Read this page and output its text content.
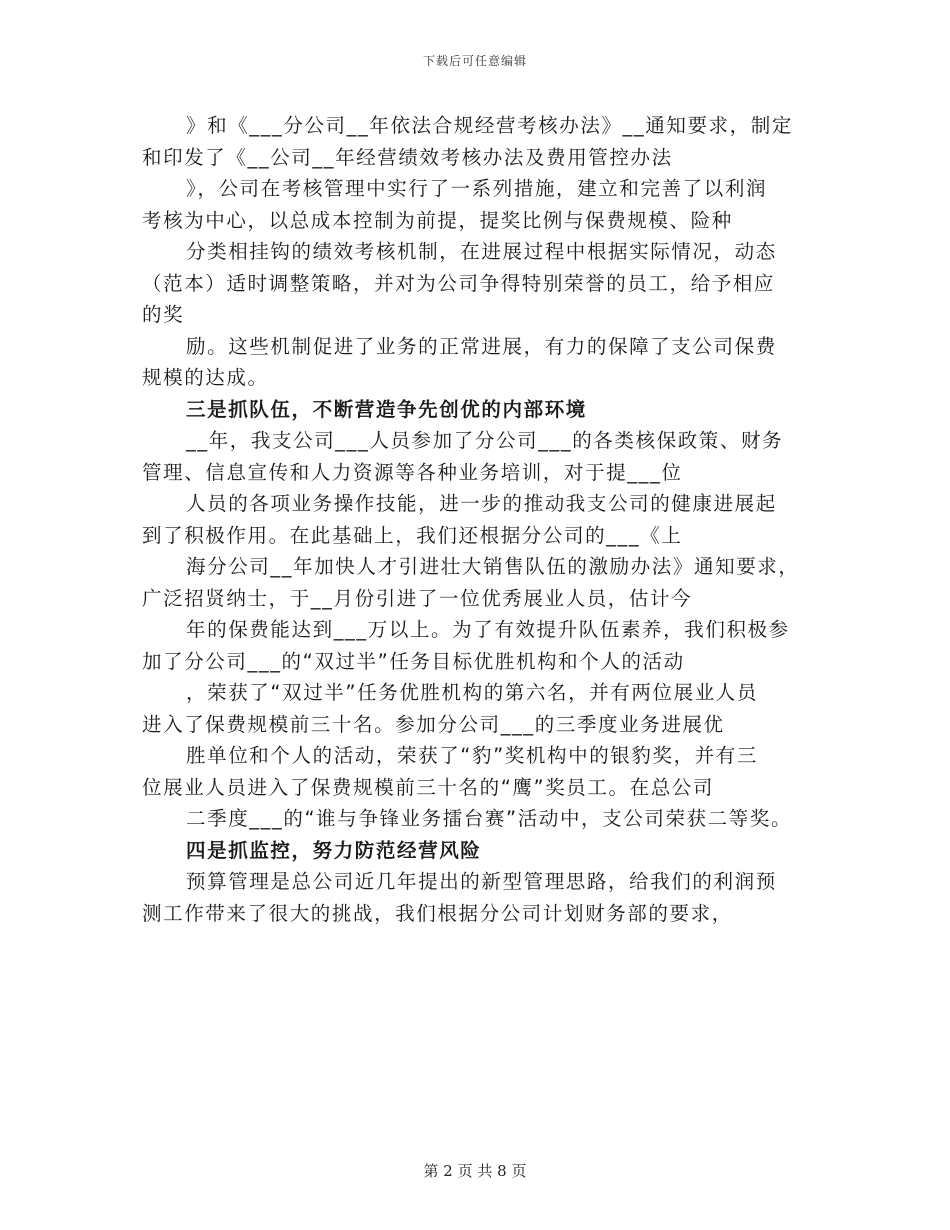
下载后可任意编辑
》和《___分公司__年依法合规经营考核办法》__通知要求，制定
和印发了《__公司__年经营绩效考核办法及费用管控办法
》，公司在考核管理中实行了一系列措施，建立和完善了以利润
考核为中心，以总成本控制为前提，提奖比例与保费规模、险种
分类相挂钩的绩效考核机制，在进展过程中根据实际情况，动态
（范本）适时调整策略，并对为公司争得特别荣誉的员工，给予相应
的奖
励。这些机制促进了业务的正常进展，有力的保障了支公司保费
规模的达成。
三是抓队伍，不断营造争先创优的内部环境
__年，我支公司___人员参加了分公司___的各类核保政策、财务
管理、信息宣传和人力资源等各种业务培训，对于提___位
人员的各项业务操作技能，进一步的推动我支公司的健康进展起
到了积极作用。在此基础上，我们还根据分公司的___《上
海分公司__年加快人才引进壮大销售队伍的激励办法》通知要求，
广泛招贤纳士，于__月份引进了一位优秀展业人员，估计今
年的保费能达到___万以上。为了有效提升队伍素养，我们积极参
加了分公司___的“双过半”任务目标优胜机构和个人的活动
，荣获了“双过半”任务优胜机构的第六名，并有两位展业人员
进入了保费规模前三十名。参加分公司___的三季度业务进展优
胜单位和个人的活动，荣获了“豹”奖机构中的银豹奖，并有三
位展业人员进入了保费规模前三十名的“鹰”奖员工。在总公司
二季度___的“谁与争锋业务擂台赛”活动中，支公司荣获二等奖。
四是抓监控，努力防范经营风险
预算管理是总公司近几年提出的新型管理思路，给我们的利润预
测工作带来了很大的挑战，我们根据分公司计划财务部的要求，
第 2 页 共 8 页
